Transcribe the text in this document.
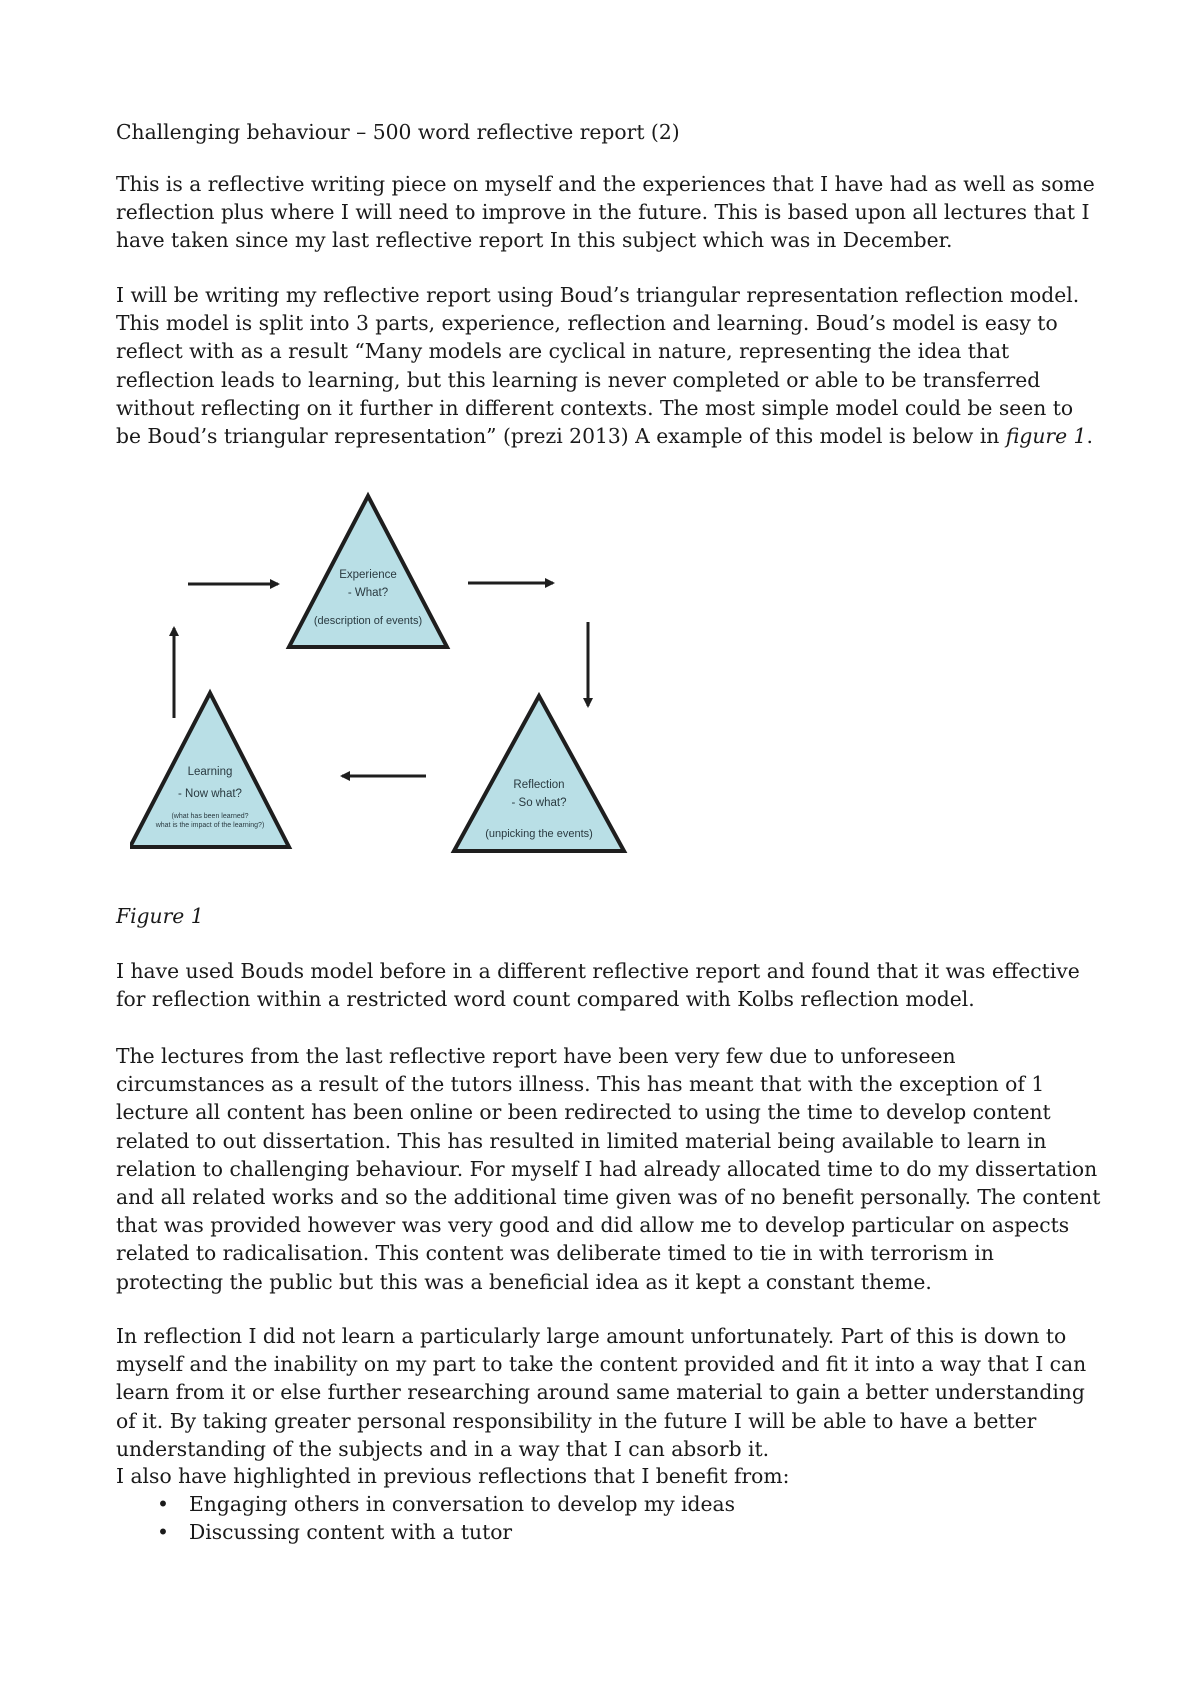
Challenging behaviour – 500 word reflective report (2)

This is a reflective writing piece on myself and the experiences that I have had as well as some reflection plus where I will need to improve in the future. This is based upon all lectures that I have taken since my last reflective report In this subject which was in December.

I will be writing my reflective report using Boud’s triangular representation reflection model. This model is split into 3 parts, experience, reflection and learning. Boud’s model is easy to reflect with as a result “Many models are cyclical in nature, representing the idea that reflection leads to learning, but this learning is never completed or able to be transferred without reflecting on it further in different contexts. The most simple model could be seen to be Boud’s triangular representation” (prezi 2013) A example of this model is below in figure 1.

Experience
- What?
(description of events)
Learning
- Now what?
(what has been learned?
what is the impact of the learning?)
Reflection
- So what?
(unpicking the events)

Figure 1

I have used Bouds model before in a different reflective report and found that it was effective for reflection within a restricted word count compared with Kolbs reflection model.

The lectures from the last reflective report have been very few due to unforeseen circumstances as a result of the tutors illness. This has meant that with the exception of 1 lecture all content has been online or been redirected to using the time to develop content related to out dissertation. This has resulted in limited material being available to learn in relation to challenging behaviour. For myself I had already allocated time to do my dissertation and all related works and so the additional time given was of no benefit personally. The content that was provided however was very good and did allow me to develop particular on aspects related to radicalisation. This content was deliberate timed to tie in with terrorism in protecting the public but this was a beneficial idea as it kept a constant theme.

In reflection I did not learn a particularly large amount unfortunately. Part of this is down to myself and the inability on my part to take the content provided and fit it into a way that I can learn from it or else further researching around same material to gain a better understanding of it. By taking greater personal responsibility in the future I will be able to have a better understanding of the subjects and in a way that I can absorb it.

I also have highlighted in previous reflections that I benefit from:

• Engaging others in conversation to develop my ideas
• Discussing content with a tutor
